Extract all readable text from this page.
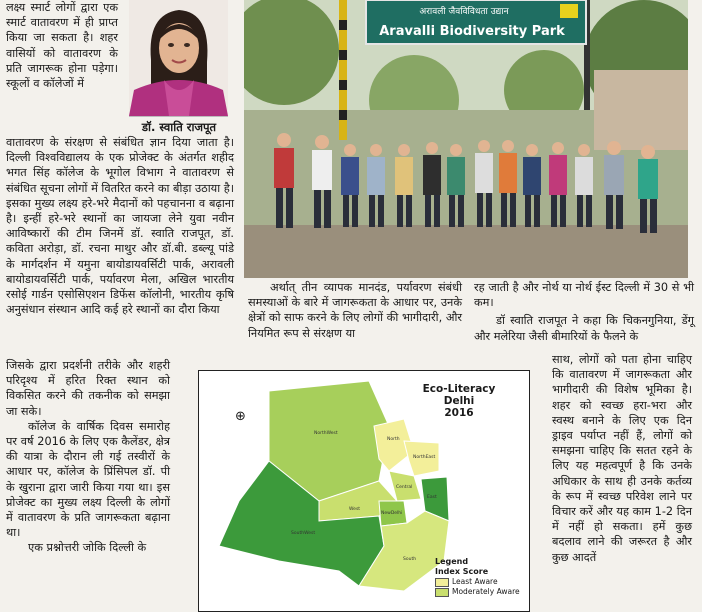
लक्ष्य स्मार्ट लोगों द्वारा एक स्मार्ट वातावरण में ही प्राप्त किया जा सकता है। शहर वासियों को वातावरण के प्रति जागरूक होना पड़ेगा। स्कूलों व कॉलेजों में

डॉ. स्वाति राजपूत

वातावरण के संरक्षण से संबंधित ज्ञान दिया जाता है। दिल्ली विश्वविद्यालय के एक प्रोजेक्ट के अंतर्गत शहीद भगत सिंह कॉलेज के भूगोल विभाग ने वातावरण से संबंधित सूचना लोगों में वितरित करने का बीड़ा उठाया है। इसका मुख्य लक्ष्य हरे-भरे मैदानों को पहचानना व बढ़ाना है। इन्हीं हरे-भरे स्थानों का जायजा लेने युवा नवीन आविष्कारों की टीम जिनमें डॉ. स्वाति राजपूत, डॉ. कविता अरोड़ा, डॉ. रचना माथुर और डॉ.बी. डब्ल्यू पांडे के मार्गदर्शन में यमुना बायोडायवर्सिटी पार्क, अरावली बायोडायवर्सिटी पार्क, पर्यावरण मेला, अखिल भारतीय रसोई गार्डन एसोसिएशन डिफेंस कॉलोनी, भारतीय कृषि अनुसंधान संस्थान आदि कई हरे स्थानों का दौरा किया

जिसके द्वारा प्रदर्शनी तरीके और शहरी परिदृश्य में हरित रिक्त स्थान को विकसित करने की तकनीक को समझा जा सके।

कॉलेज के वार्षिक दिवस समारोह पर वर्ष 2016 के लिए एक कैलेंडर, क्षेत्र की यात्रा के दौरान ली गई तस्वीरों के आधार पर, कॉलेज के प्रिंसिपल डॉ. पी के खुराना द्वारा जारी किया गया था। इस प्रोजेक्ट का मुख्य लक्ष्य दिल्ली के लोगों में वातावरण के प्रति जागरूकता बढ़ाना था।

एक प्रश्नोत्तरी जोकि दिल्ली के

अरावली जैवविविधता उद्यान
Aravalli Biodiversity Park

अर्थात् तीन व्यापक मानदंड, पर्यावरण संबंधी समस्याओं के बारे में जागरूकता के आधार पर, उनके क्षेत्रों को साफ करने के लिए लोगों की भागीदारी, और नियमित रूप से संरक्षण या

रह जाती है और नोर्थ या नोर्थ ईस्ट दिल्ली में 30 से भी कम।

डॉ स्वाति राजपूत ने कहा कि चिकनगुनिया, डेंगू और मलेरिया जैसी बीमारियों के फैलने के

साथ, लोगों को पता होना चाहिए कि वातावरण में जागरूकता और भागीदारी की विशेष भूमिका है। शहर को स्वच्छ हरा-भरा और स्वस्थ बनाने के लिए एक दिन ड्राइव पर्याप्त नहीं हैं, लोगों को समझना चाहिए कि सतत रहने के लिए यह महत्वपूर्ण है कि उनके अधिकार के साथ ही उनके कर्तव्य के रूप में स्वच्छ परिवेश लाने पर विचार करें और यह काम 1-2 दिन में नहीं हो सकता। हमें कुछ बदलाव लाने की जरूरत है और कुछ आदतें

⊕
Eco-Literacy
Delhi
2016
NorthWest
North
NorthEast
Central
East
West
NewDelhi
SouthWest
South Legend
Index Score
Least Aware
Moderately Aware
